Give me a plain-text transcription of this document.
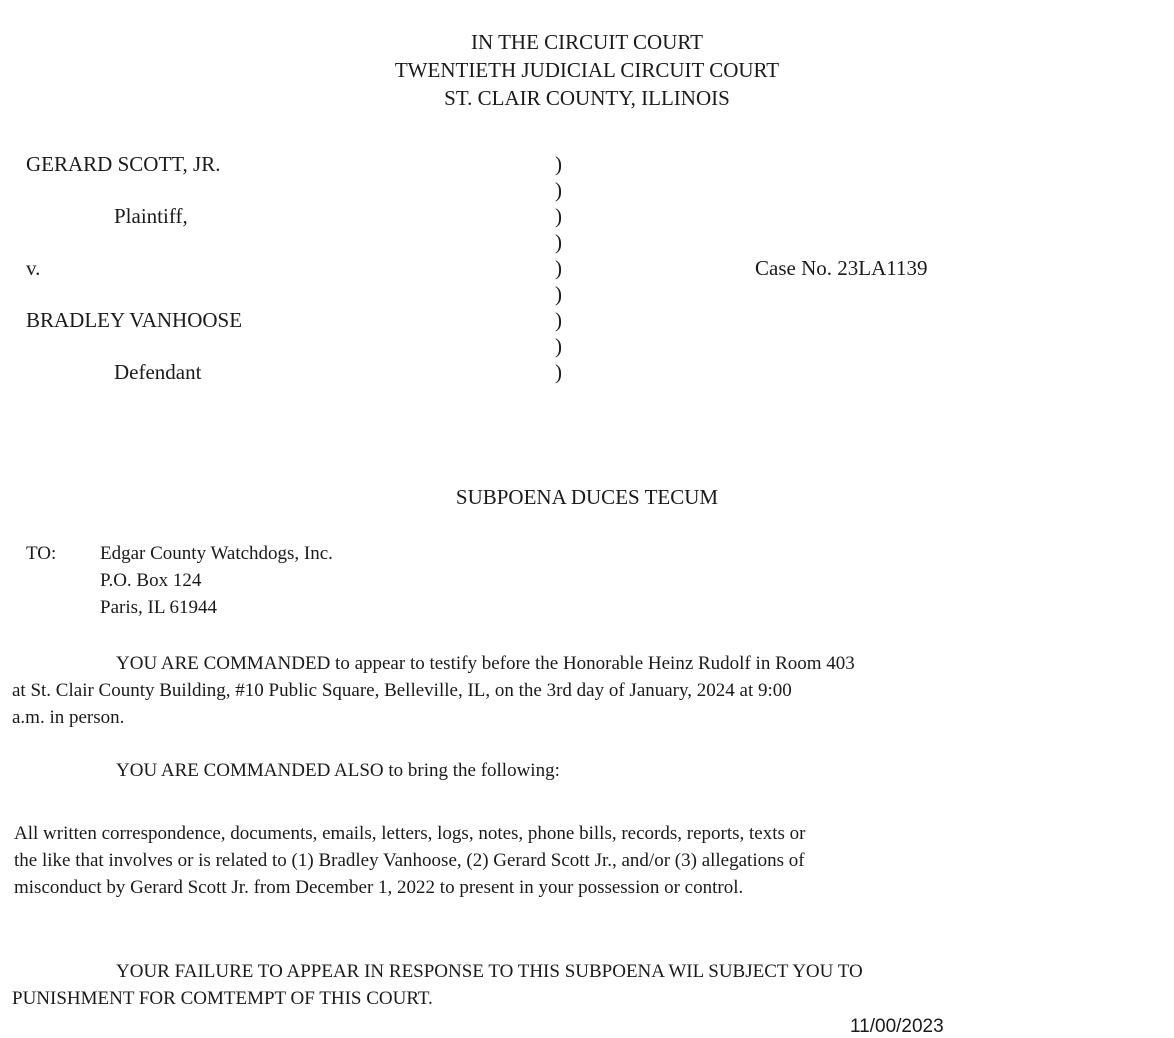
IN THE CIRCUIT COURT
TWENTIETH JUDICIAL CIRCUIT COURT
ST. CLAIR COUNTY, ILLINOIS
GERARD SCOTT, JR.	)
)
Plaintiff,	)
)
v.	)	Case No. 23LA1139
)
BRADLEY VANHOOSE	)
)
Defendant	)
SUBPOENA DUCES TECUM
TO: Edgar County Watchdogs, Inc.
P.O. Box 124
Paris, IL 61944
YOU ARE COMMANDED to appear to testify before the Honorable Heinz Rudolf in Room 403
at St. Clair County Building, #10 Public Square, Belleville, IL, on the 3rd day of January, 2024 at 9:00
a.m. in person.
YOU ARE COMMANDED ALSO to bring the following:
All written correspondence, documents, emails, letters, logs, notes, phone bills, records, reports, texts or
the like that involves or is related to (1) Bradley Vanhoose, (2) Gerard Scott Jr., and/or (3) allegations of
misconduct by Gerard Scott Jr. from December 1, 2022 to present in your possession or control.
YOUR FAILURE TO APPEAR IN RESPONSE TO THIS SUBPOENA WIL SUBJECT YOU TO
PUNISHMENT FOR COMTEMPT OF THIS COURT.
11/00/2023
